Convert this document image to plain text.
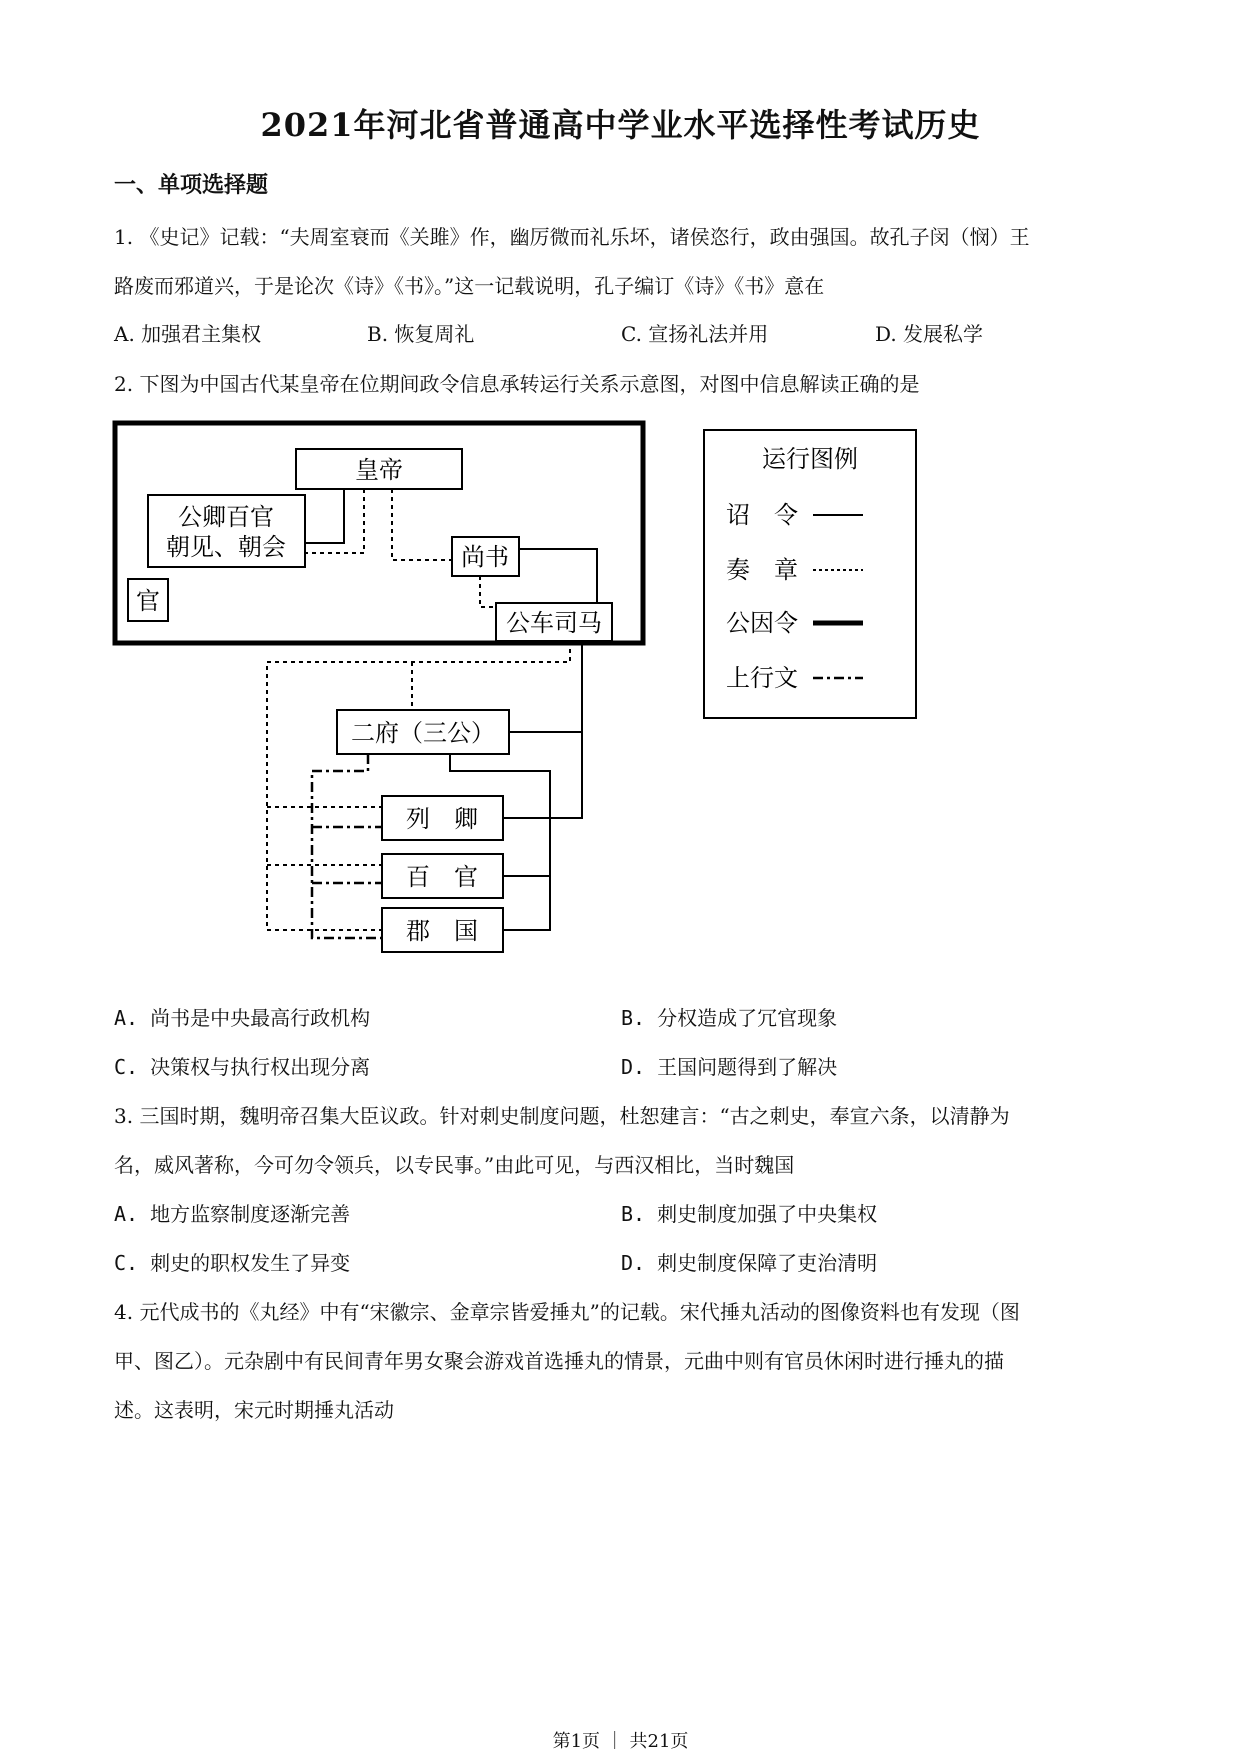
2021年河北省普通高中学业水平选择性考试历史
一、单项选择题
1. 《史记》记载：“夫周室衰而《关雎》作，幽厉微而礼乐坏，诸侯恣行，政由强国。故孔子闵（悯）王
路废而邪道兴，于是论次《诗》《书》。”这一记载说明，孔子编订《诗》《书》意在
A. 加强君主集权	B. 恢复周礼	C. 宣扬礼法并用	D. 发展私学
2. 下图为中国古代某皇帝在位期间政令信息承转运行关系示意图，对图中信息解读正确的是
皇帝
公卿百官
朝见、朝会	尚书
官
公车司马
二府（三公）
列　卿
百　官
郡　国
运行图例
诏　令
奏　章
公因令
上行文
A. 尚书是中央最高行政机构	B. 分权造成了冗官现象
C. 决策权与执行权出现分离	D. 王国问题得到了解决
3. 三国时期，魏明帝召集大臣议政。针对刺史制度问题，杜恕建言：“古之刺史，奉宣六条，以清静为
名，威风著称，今可勿令领兵，以专民事。”由此可见，与西汉相比，当时魏国
A. 地方监察制度逐渐完善	B. 刺史制度加强了中央集权
C. 刺史的职权发生了异变	D. 刺史制度保障了吏治清明
4. 元代成书的《丸经》中有“宋徽宗、金章宗皆爱捶丸”的记载。宋代捶丸活动的图像资料也有发现（图
甲、图乙）。元杂剧中有民间青年男女聚会游戏首选捶丸的情景，元曲中则有官员休闲时进行捶丸的描
述。这表明，宋元时期捶丸活动
第1页 ｜ 共21页
